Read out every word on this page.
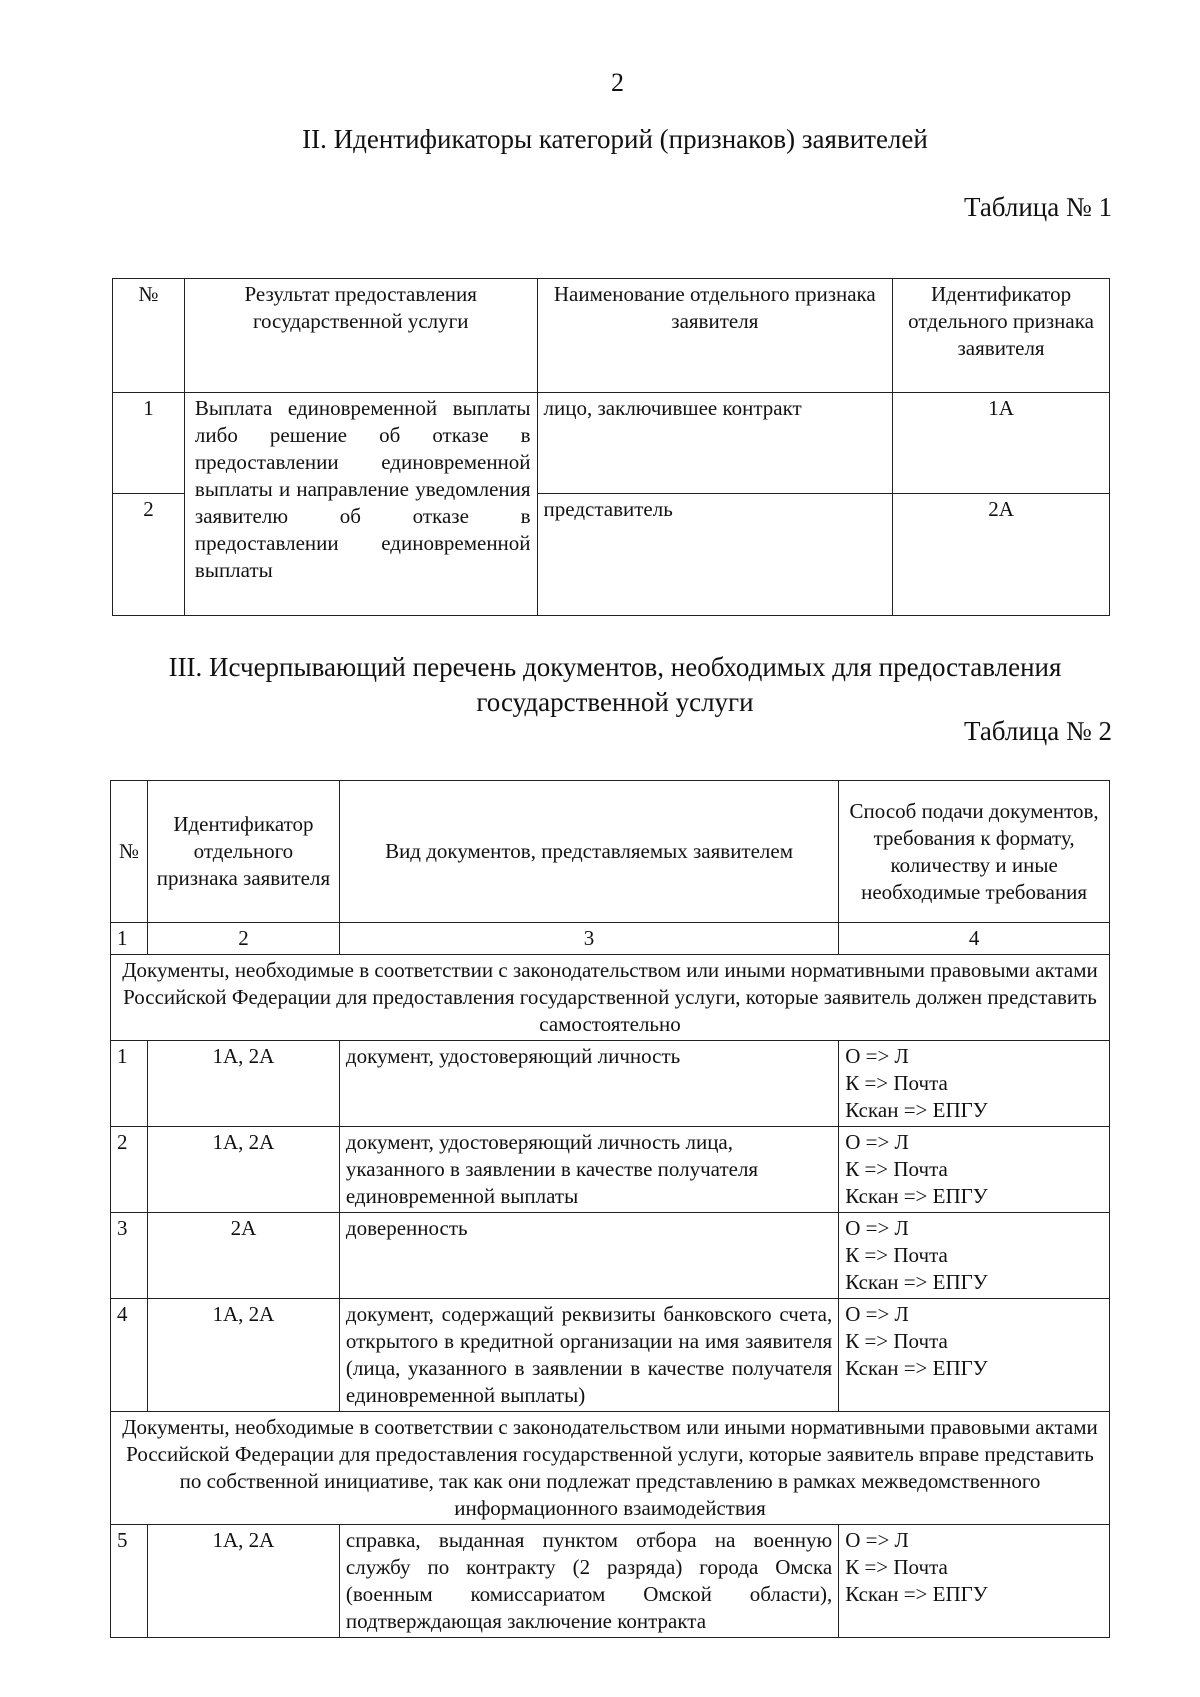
2
II. Идентификаторы категорий (признаков) заявителей
Таблица № 1
№	Результат предоставления государственной услуги	Наименование отдельного признака заявителя	Идентификатор отдельного признака заявителя
1	Выплата единовременной выплаты либо решение об отказе в предоставлении единовременной выплаты и направление уведомления заявителю об отказе в предоставлении единовременной выплаты	лицо, заключившее контракт	1А
2		представитель	2А
III. Исчерпывающий перечень документов, необходимых для предоставления государственной услуги
Таблица № 2
№	Идентификатор отдельного признака заявителя	Вид документов, представляемых заявителем	Способ подачи документов, требования к формату, количеству и иные необходимые требования
1	2	3	4
Документы, необходимые в соответствии с законодательством или иными нормативными правовыми актами Российской Федерации для предоставления государственной услуги, которые заявитель должен представить самостоятельно			
1	1А, 2А	документ, удостоверяющий личность	О => Л
К => Почта
Кскан => ЕПГУ

2	1А, 2А	документ, удостоверяющий личность лица, указанного в заявлении в качестве получателя единовременной выплаты	О => Л
К => Почта
Кскан => ЕПГУ

3	2А	доверенность	О => Л
К => Почта
Кскан => ЕПГУ

4	1А, 2А	документ, содержащий реквизиты банковского счета, открытого в кредитной организации на имя заявителя (лица, указанного в заявлении в качестве получателя единовременной выплаты)	О => Л
К => Почта
Кскан => ЕПГУ

Документы, необходимые в соответствии с законодательством или иными нормативными правовыми актами Российской Федерации для предоставления государственной услуги, которые заявитель вправе представить по собственной инициативе, так как они подлежат представлению в рамках межведомственного информационного взаимодействия			
5	1А, 2А	справка, выданная пунктом отбора на военную службу по контракту (2 разряда) города Омска (военным комиссариатом Омской области), подтверждающая заключение контракта	О => Л
К => Почта
Кскан => ЕПГУ
